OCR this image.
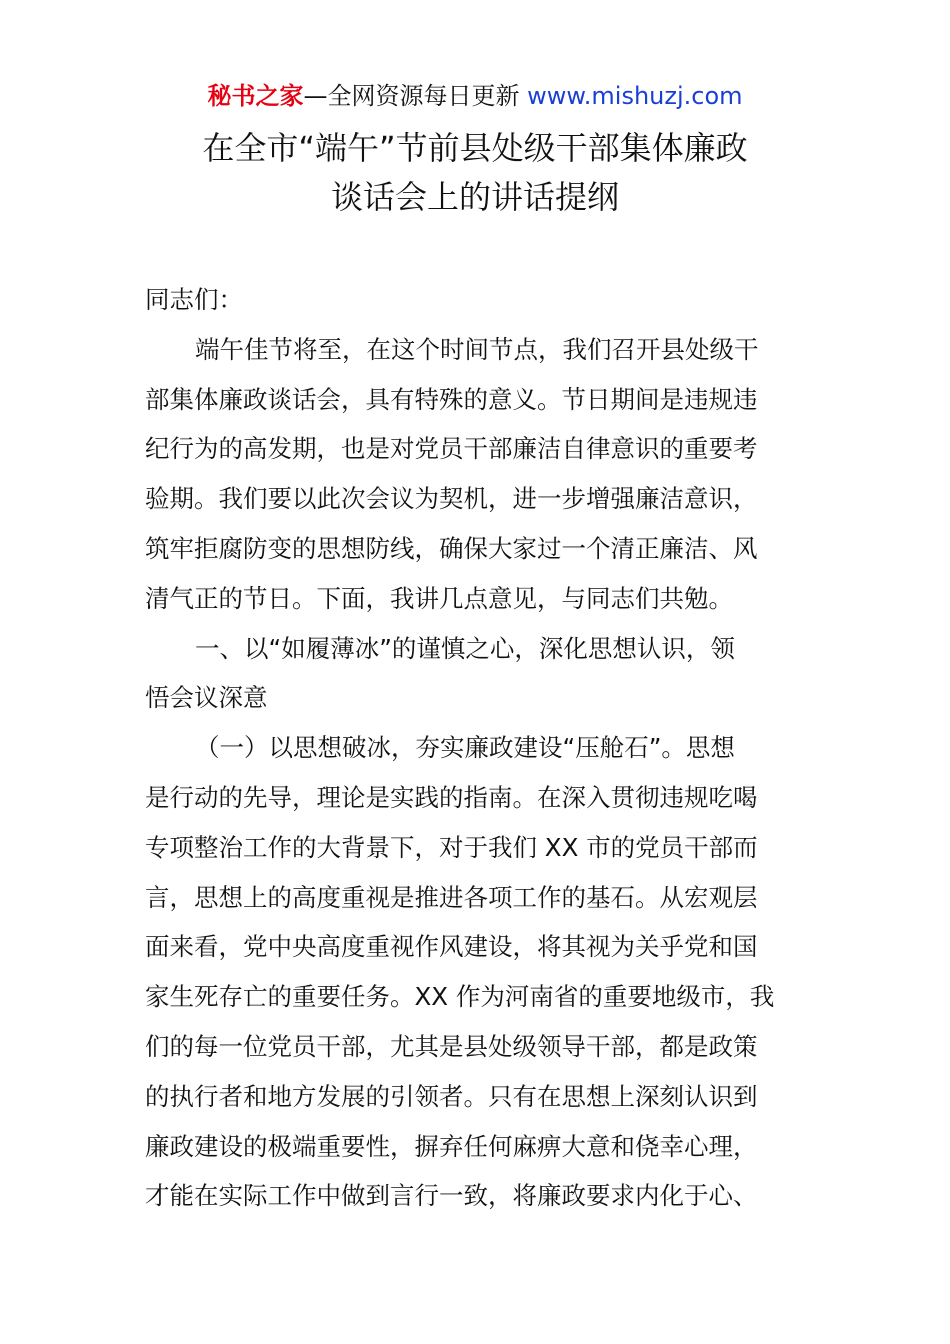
秘书之家—全网资源每日更新 www.mishuzj.com
在全市“端午”节前县处级干部集体廉政
谈话会上的讲话提纲
同志们：
端午佳节将至，在这个时间节点，我们召开县处级干
部集体廉政谈话会，具有特殊的意义。节日期间是违规违
纪行为的高发期，也是对党员干部廉洁自律意识的重要考
验期。我们要以此次会议为契机，进一步增强廉洁意识，
筑牢拒腐防变的思想防线，确保大家过一个清正廉洁、风
清气正的节日。下面，我讲几点意见，与同志们共勉。
一、以“如履薄冰”的谨慎之心，深化思想认识，领
悟会议深意
（一）以思想破冰，夯实廉政建设“压舱石”。思想
是行动的先导，理论是实践的指南。在深入贯彻违规吃喝
专项整治工作的大背景下，对于我们 XX 市的党员干部而
言，思想上的高度重视是推进各项工作的基石。从宏观层
面来看，党中央高度重视作风建设，将其视为关乎党和国
家生死存亡的重要任务。XX 作为河南省的重要地级市，我
们的每一位党员干部，尤其是县处级领导干部，都是政策
的执行者和地方发展的引领者。只有在思想上深刻认识到
廉政建设的极端重要性，摒弃任何麻痹大意和侥幸心理，
才能在实际工作中做到言行一致，将廉政要求内化于心、
